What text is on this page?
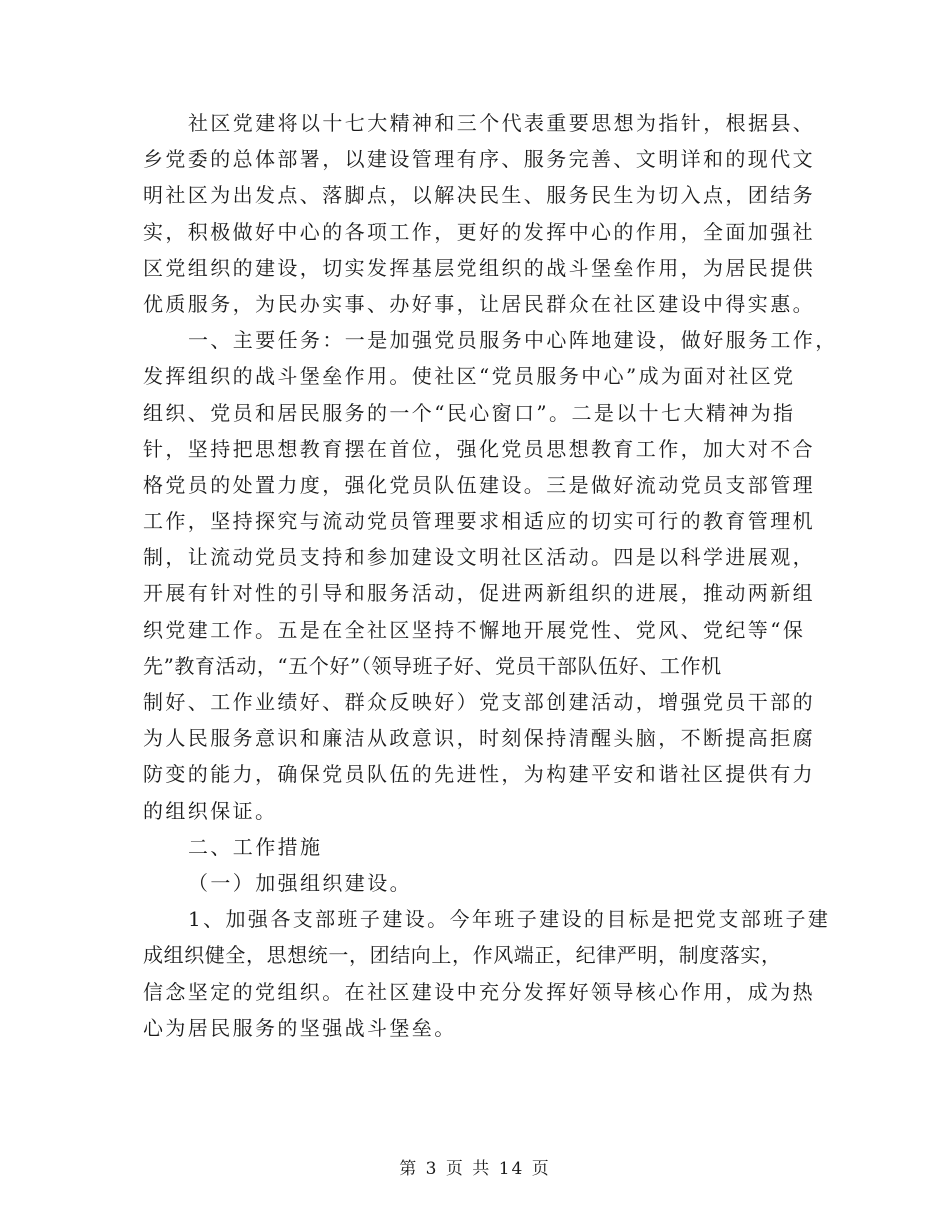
社区党建将以十七大精神和三个代表重要思想为指针，根据县、
乡党委的总体部署，以建设管理有序、服务完善、文明详和的现代文
明社区为出发点、落脚点，以解决民生、服务民生为切入点，团结务
实，积极做好中心的各项工作，更好的发挥中心的作用，全面加强社
区党组织的建设，切实发挥基层党组织的战斗堡垒作用，为居民提供
优质服务，为民办实事、办好事，让居民群众在社区建设中得实惠。
一、主要任务：一是加强党员服务中心阵地建设，做好服务工作，
发挥组织的战斗堡垒作用。使社区“党员服务中心”成为面对社区党
组织、党员和居民服务的一个“民心窗口”。二是以十七大精神为指
针，坚持把思想教育摆在首位，强化党员思想教育工作，加大对不合
格党员的处置力度，强化党员队伍建设。三是做好流动党员支部管理
工作，坚持探究与流动党员管理要求相适应的切实可行的教育管理机
制，让流动党员支持和参加建设文明社区活动。四是以科学进展观，
开展有针对性的引导和服务活动，促进两新组织的进展，推动两新组
织党建工作。五是在全社区坚持不懈地开展党性、党风、党纪等“保
先”教育活动，“五个好”（领导班子好、党员干部队伍好、工作机
制好、工作业绩好、群众反映好）党支部创建活动，增强党员干部的
为人民服务意识和廉洁从政意识，时刻保持清醒头脑，不断提高拒腐
防变的能力，确保党员队伍的先进性，为构建平安和谐社区提供有力
的组织保证。
二、工作措施
（一）加强组织建设。
1、加强各支部班子建设。今年班子建设的目标是把党支部班子建
成组织健全，思想统一，团结向上，作风端正，纪律严明，制度落实，
信念坚定的党组织。在社区建设中充分发挥好领导核心作用，成为热
心为居民服务的坚强战斗堡垒。
第 3 页 共 14 页
